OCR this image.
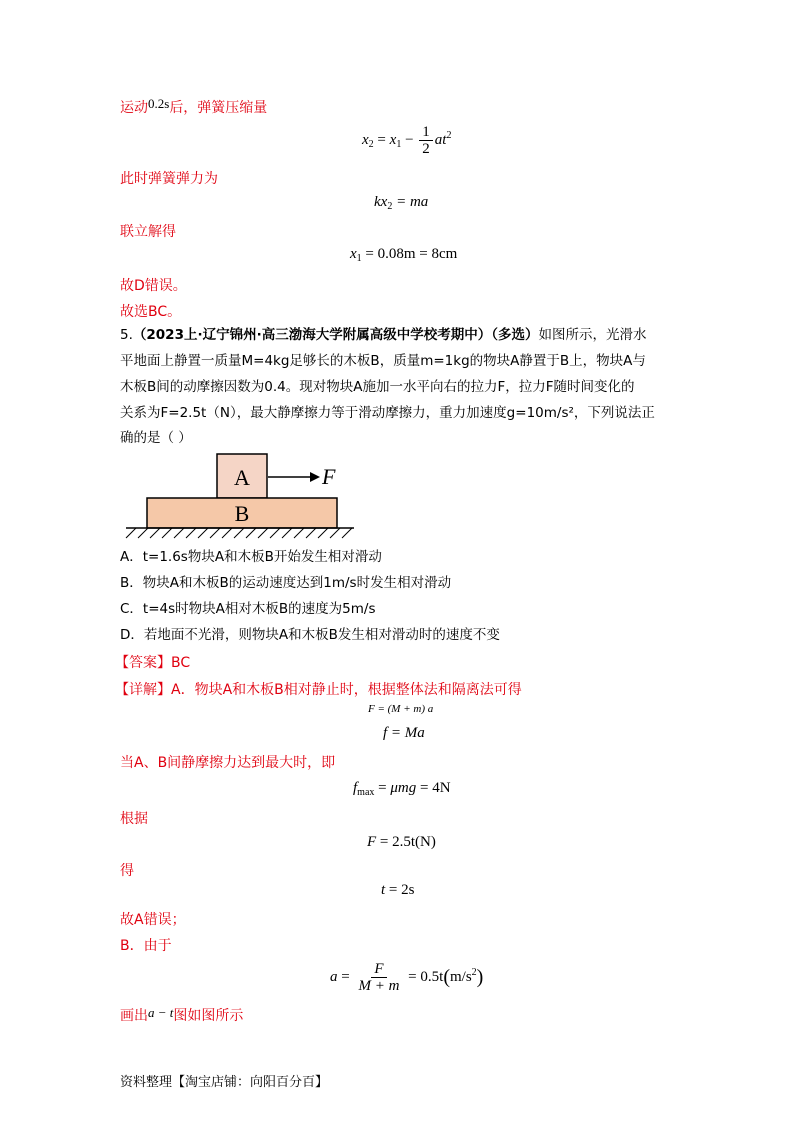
运动0.2s后，弹簧压缩量
$x_2 = x_1 - \frac{1}{2} at^2$
此时弹簧弹力为
$kx_2$ = ma
联立解得
$x_1 = 0.08m = 8cm$
故D错误。
故选BC。
5.（2023上·辽宁锦州·高三渤海大学附属高级中学校考期中）（多选）如图所示，光滑水
平地面上静置一质量M=4kg足够长的木板B，质量m=1kg的物块A静置于B上，物块A与
木板B间的动摩擦因数为0.4。现对物块A施加一水平向右的拉力F，拉力F随时间变化的
关系为F=2.5t（N），最大静摩擦力等于滑动摩擦力，重力加速度g=10m/s²，下列说法正
确的是（ ）
A
B
F
A．t=1.6s物块A和木板B开始发生相对滑动
B．物块A和木板B的运动速度达到1m/s时发生相对滑动
C．t=4s时物块A相对木板B的速度为5m/s
D．若地面不光滑，则物块A和木板B发生相对滑动时的速度不变
【答案】BC
【详解】A．物块A和木板B相对静止时，根据整体法和隔离法可得
F = (M + m) a
f = Ma
当A、B间静摩擦力达到最大时，即
$f_{max} = \mu mg = 4N$
根据
F = 2.5t(N)
得
t = 2s
故A错误；
B．由于
$a = \frac{F}{M + m} = 0.5t(m/s^2)$
画出a − t图如图所示
资料整理【淘宝店铺：向阳百分百】
